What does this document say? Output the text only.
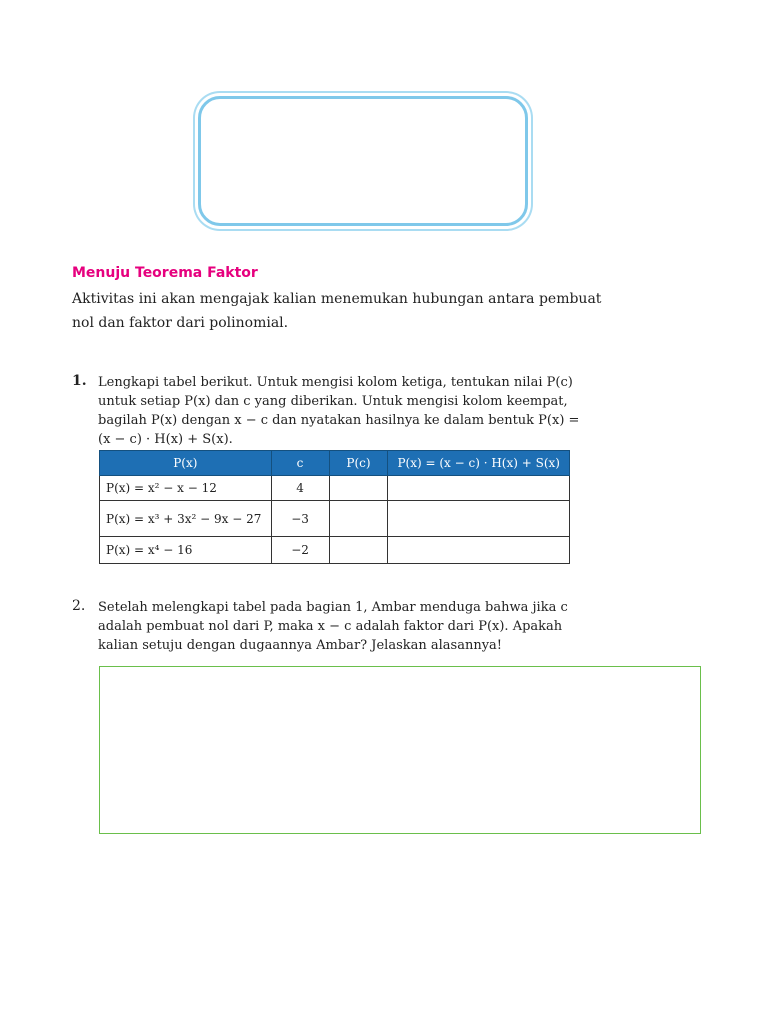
Menuju Teorema Faktor
Aktivitas ini akan mengajak kalian menemukan hubungan antara pembuat nol dan faktor dari polinomial.
1. Lengkapi tabel berikut. Untuk mengisi kolom ketiga, tentukan nilai P(c) untuk setiap P(x) dan c yang diberikan. Untuk mengisi kolom keempat, bagilah P(x) dengan x − c dan nyatakan hasilnya ke dalam bentuk P(x) = (x − c) · H(x) + S(x).
P(x)	c	P(c)	P(x) = (x − c) · H(x) + S(x)
P(x) = x² − x − 12	4		
P(x) = x³ + 3x² − 9x − 27	−3		
P(x) = x⁴ − 16	−2		
2. Setelah melengkapi tabel pada bagian 1, Ambar menduga bahwa jika c adalah pembuat nol dari P, maka x − c adalah faktor dari P(x). Apakah kalian setuju dengan dugaannya Ambar? Jelaskan alasannya!
